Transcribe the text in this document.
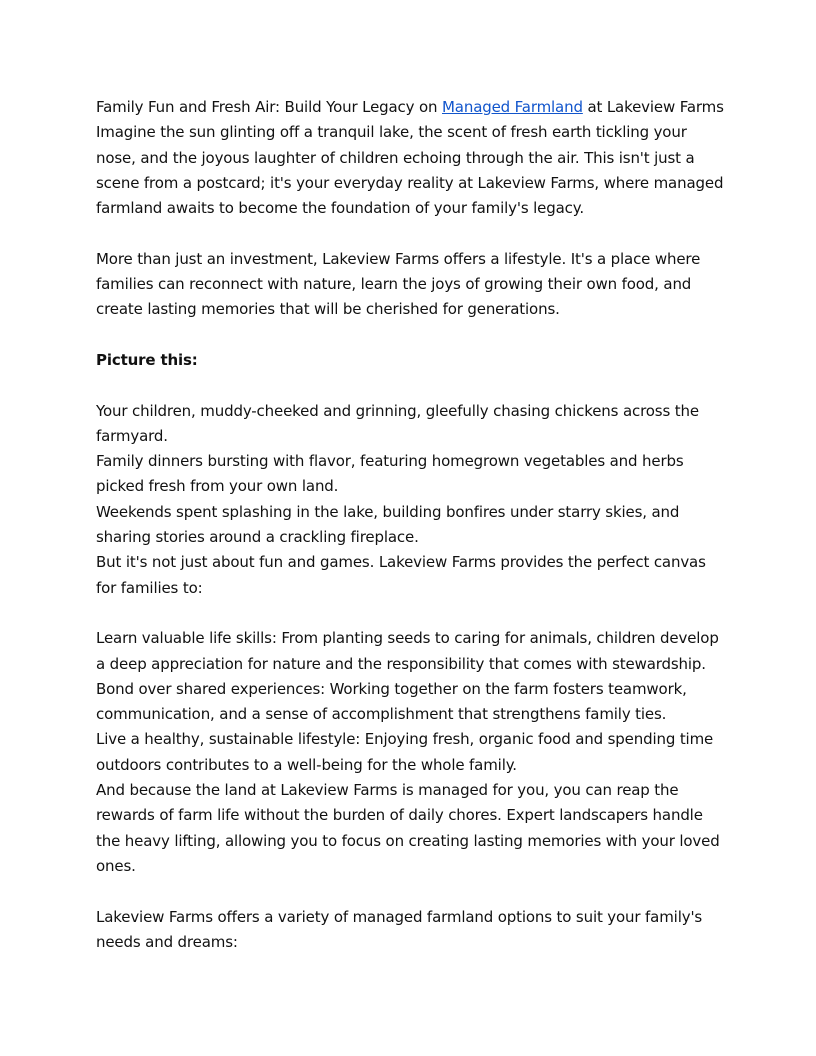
Family Fun and Fresh Air: Build Your Legacy on Managed Farmland at Lakeview Farms

Imagine the sun glinting off a tranquil lake, the scent of fresh earth tickling your nose, and the joyous laughter of children echoing through the air. This isn't just a scene from a postcard; it's your everyday reality at Lakeview Farms, where managed farmland awaits to become the foundation of your family's legacy.

More than just an investment, Lakeview Farms offers a lifestyle. It's a place where families can reconnect with nature, learn the joys of growing their own food, and create lasting memories that will be cherished for generations.

Picture this:

Your children, muddy-cheeked and grinning, gleefully chasing chickens across the farmyard.

Family dinners bursting with flavor, featuring homegrown vegetables and herbs picked fresh from your own land.

Weekends spent splashing in the lake, building bonfires under starry skies, and sharing stories around a crackling fireplace.

But it's not just about fun and games. Lakeview Farms provides the perfect canvas for families to:

Learn valuable life skills: From planting seeds to caring for animals, children develop a deep appreciation for nature and the responsibility that comes with stewardship.

Bond over shared experiences: Working together on the farm fosters teamwork, communication, and a sense of accomplishment that strengthens family ties.

Live a healthy, sustainable lifestyle: Enjoying fresh, organic food and spending time outdoors contributes to a well-being for the whole family.

And because the land at Lakeview Farms is managed for you, you can reap the rewards of farm life without the burden of daily chores. Expert landscapers handle the heavy lifting, allowing you to focus on creating lasting memories with your loved ones.

Lakeview Farms offers a variety of managed farmland options to suit your family's needs and dreams:
